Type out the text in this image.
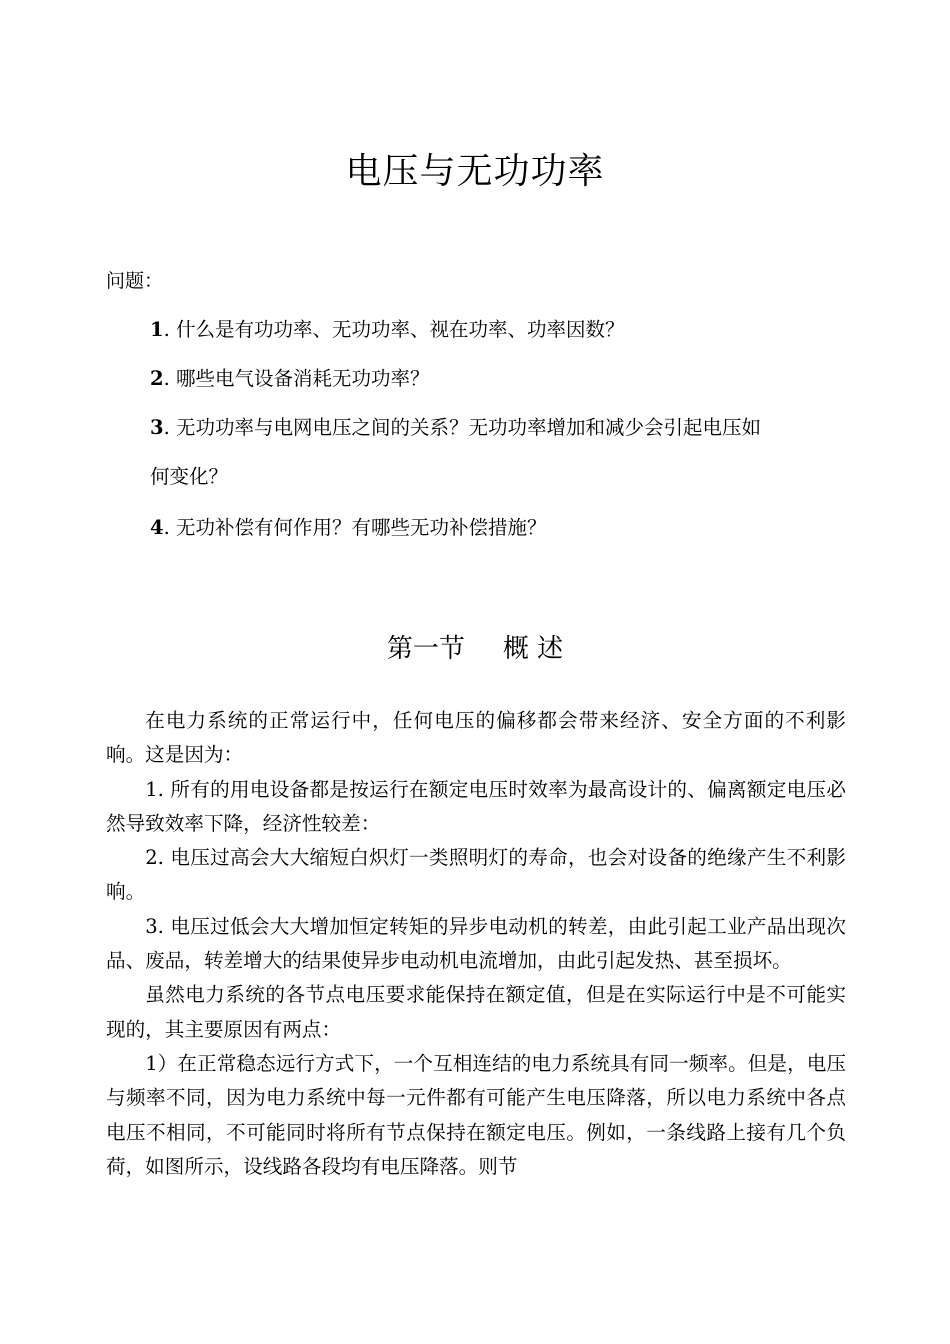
电压与无功功率
问题：
1. 什么是有功功率、无功功率、视在功率、功率因数？
2. 哪些电气设备消耗无功功率？
3. 无功功率与电网电压之间的关系？无功功率增加和减少会引起电压如
何变化？
4. 无功补偿有何作用？有哪些无功补偿措施？
第一节 概 述

在电力系统的正常运行中，任何电压的偏移都会带来经济、安全方面的不利影响。这是因为：

1. 所有的用电设备都是按运行在额定电压时效率为最高设计的、偏离额定电压必然导致效率下降，经济性较差：

2. 电压过高会大大缩短白炽灯一类照明灯的寿命，也会对设备的绝缘产生不利影响。

3. 电压过低会大大增加恒定转矩的异步电动机的转差，由此引起工业产品出现次品、废品，转差增大的结果使异步电动机电流增加，由此引起发热、甚至损坏。

虽然电力系统的各节点电压要求能保持在额定值，但是在实际运行中是不可能实现的，其主要原因有两点：

1）在正常稳态远行方式下，一个互相连结的电力系统具有同一频率。但是，电压与频率不同，因为电力系统中每一元件都有可能产生电压降落，所以电力系统中各点电压不相同，不可能同时将所有节点保持在额定电压。例如，一条线路上接有几个负荷，如图所示，设线路各段均有电压降落。则节
